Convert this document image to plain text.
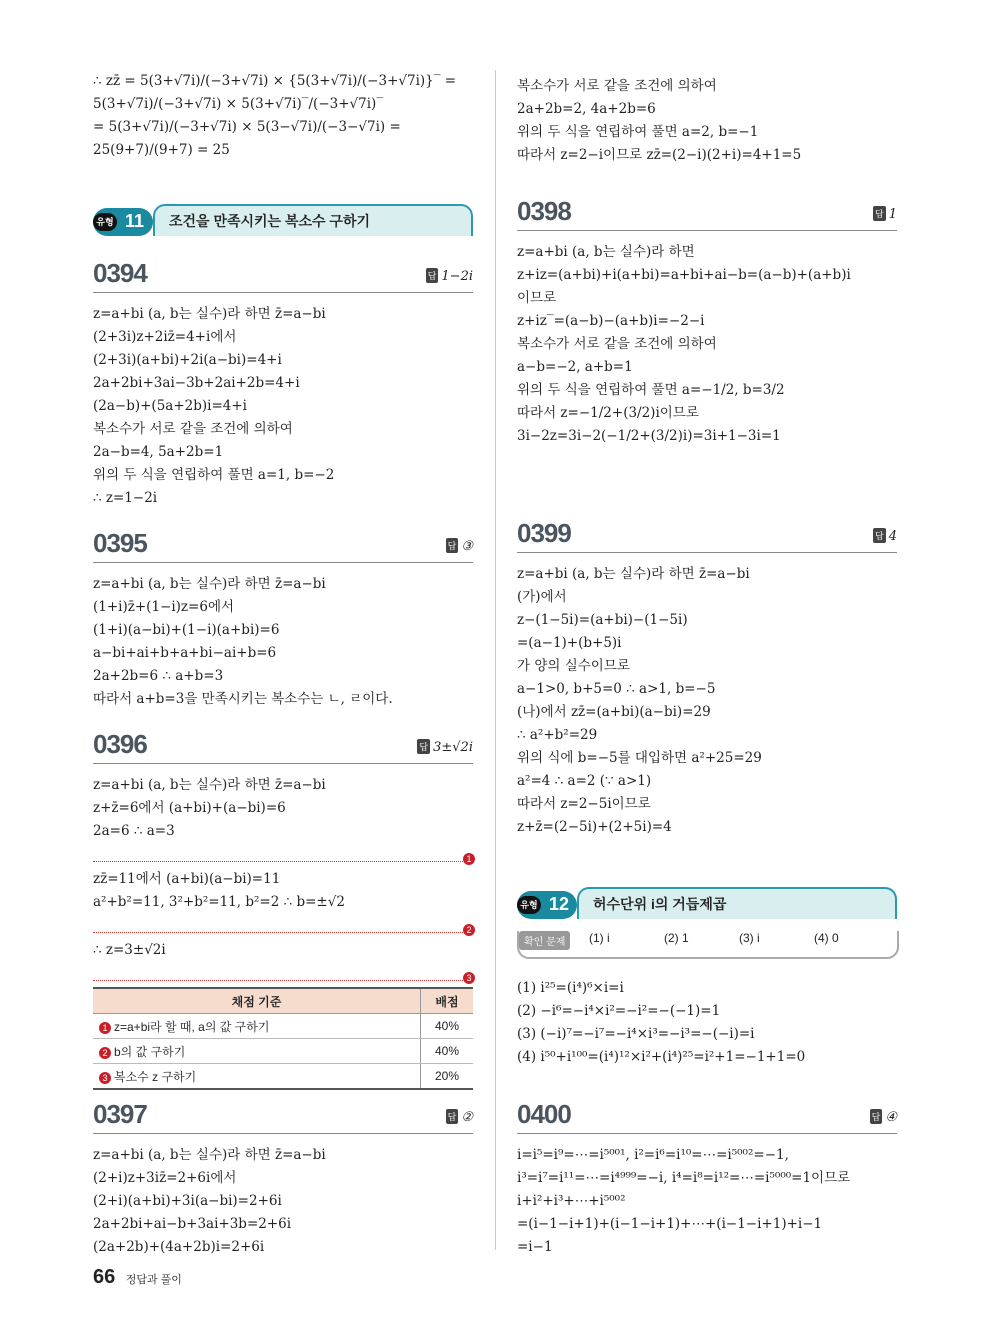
∴ zz̄ = 5(3+√7i)/(−3+√7i) × {5(3+√7i)/(−3+√7i)}‾ = 5(3+√7i)/(−3+√7i) × 5(3+√7i)‾/(−3+√7i)‾
= 5(3+√7i)/(−3+√7i) × 5(3−√7i)/(−3−√7i) = 25(9+7)/(9+7) = 25
유형 11	조건을 만족시키는 복소수 구하기
0394	답 1−2i
z=a+bi (a, b는 실수)라 하면 z̄=a−bi
(2+3i)z+2iz̄=4+i에서
(2+3i)(a+bi)+2i(a−bi)=4+i
2a+2bi+3ai−3b+2ai+2b=4+i
(2a−b)+(5a+2b)i=4+i
복소수가 서로 같을 조건에 의하여
2a−b=4, 5a+2b=1
위의 두 식을 연립하여 풀면 a=1, b=−2
∴ z=1−2i
0395	답 ③
z=a+bi (a, b는 실수)라 하면 z̄=a−bi
(1+i)z̄+(1−i)z=6에서
(1+i)(a−bi)+(1−i)(a+bi)=6
a−bi+ai+b+a+bi−ai+b=6
2a+2b=6 ∴ a+b=3
따라서 a+b=3을 만족시키는 복소수는 ㄴ, ㄹ이다.
0396	답 3±√2i
z=a+bi (a, b는 실수)라 하면 z̄=a−bi
z+z̄=6에서 (a+bi)+(a−bi)=6
2a=6 ∴ a=3
1
zz̄=11에서 (a+bi)(a−bi)=11
a²+b²=11, 3²+b²=11, b²=2 ∴ b=±√2
2
∴ z=3±√2i
3
채점 기준	배점
1 z=a+bi라 할 때, a의 값 구하기	40%
2 b의 값 구하기	40%
3 복소수 z 구하기	20%
0397	답 ②
z=a+bi (a, b는 실수)라 하면 z̄=a−bi
(2+i)z+3iz̄=2+6i에서
(2+i)(a+bi)+3i(a−bi)=2+6i
2a+2bi+ai−b+3ai+3b=2+6i
(2a+2b)+(4a+2b)i=2+6i
복소수가 서로 같을 조건에 의하여
2a+2b=2, 4a+2b=6
위의 두 식을 연립하여 풀면 a=2, b=−1
따라서 z=2−i이므로 zz̄=(2−i)(2+i)=4+1=5
0398	답 1
z=a+bi (a, b는 실수)라 하면
z+iz=(a+bi)+i(a+bi)=a+bi+ai−b=(a−b)+(a+b)i
이므로
z+iz‾=(a−b)−(a+b)i=−2−i
복소수가 서로 같을 조건에 의하여
a−b=−2, a+b=1
위의 두 식을 연립하여 풀면 a=−1/2, b=3/2
따라서 z=−1/2+(3/2)i이므로
3i−2z=3i−2(−1/2+(3/2)i)=3i+1−3i=1
0399	답 4
z=a+bi (a, b는 실수)라 하면 z̄=a−bi
(가)에서
z−(1−5i)=(a+bi)−(1−5i)
=(a−1)+(b+5)i
가 양의 실수이므로
a−1>0, b+5=0 ∴ a>1, b=−5
(나)에서 zz̄=(a+bi)(a−bi)=29
∴ a²+b²=29
위의 식에 b=−5를 대입하면 a²+25=29
a²=4 ∴ a=2 (∵ a>1)
따라서 z=2−5i이므로
z+z̄=(2−5i)+(2+5i)=4
유형 12	허수단위 i의 거듭제곱
확인 문제	(1) i	(2) 1	(3) i	(4) 0
(1) i²⁵=(i⁴)⁶×i=i
(2) −i⁶=−i⁴×i²=−i²=−(−1)=1
(3) (−i)⁷=−i⁷=−i⁴×i³=−i³=−(−i)=i
(4) i⁵⁰+i¹⁰⁰=(i⁴)¹²×i²+(i⁴)²⁵=i²+1=−1+1=0
0400	답 ④
i=i⁵=i⁹=⋯=i⁵⁰⁰¹, i²=i⁶=i¹⁰=⋯=i⁵⁰⁰²=−1,
i³=i⁷=i¹¹=⋯=i⁴⁹⁹⁹=−i, i⁴=i⁸=i¹²=⋯=i⁵⁰⁰⁰=1이므로
i+i²+i³+⋯+i⁵⁰⁰²
=(i−1−i+1)+(i−1−i+1)+⋯+(i−1−i+1)+i−1
=i−1
66 정답과 풀이
